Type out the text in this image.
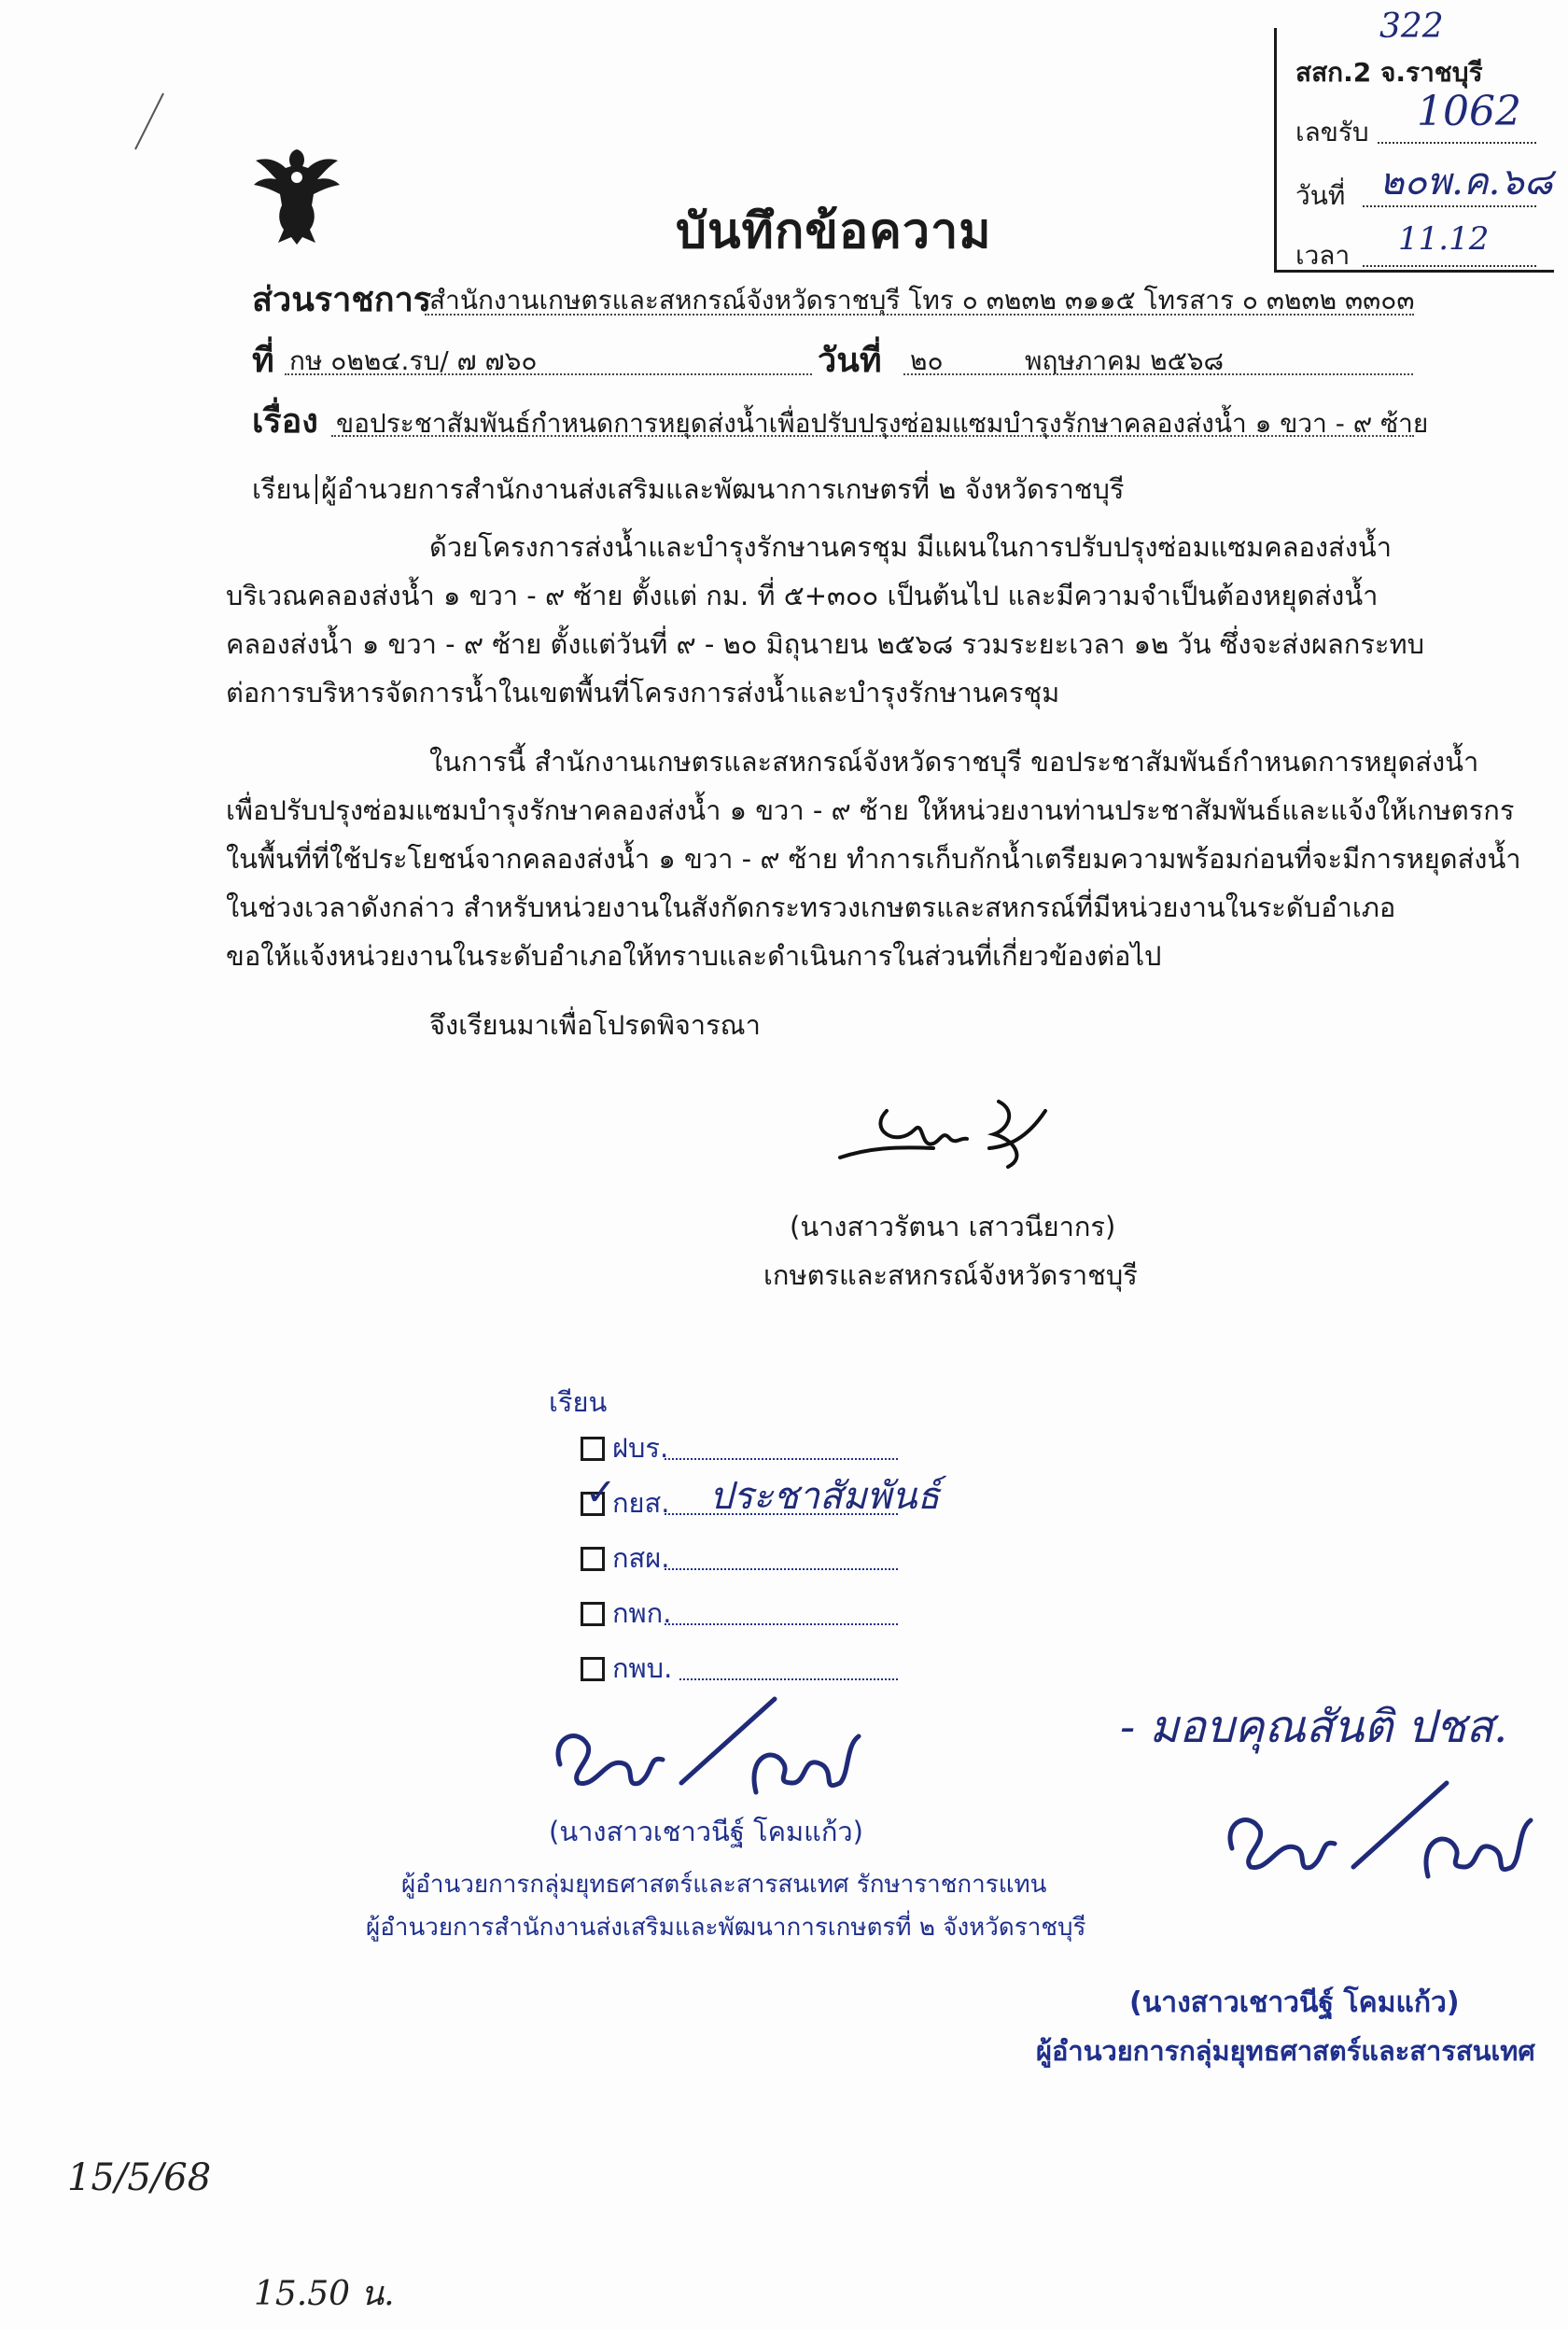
322
สสก.2 จ.ราชบุรี
เลขรับ 1062
วันที่ ๒๐พ.ค.๖๘
เวลา 11.12
บันทึกข้อความ
ส่วนราชการ
สำนักงานเกษตรและสหกรณ์จังหวัดราชบุรี โทร ๐ ๓๒๓๒ ๓๑๑๕ โทรสาร ๐ ๓๒๓๒ ๓๓๐๓
ที่ กษ ๐๒๒๔.รบ/ ๗ ๗๖๐	วันที่ ๒๐	พฤษภาคม ๒๕๖๘
เรื่อง ขอประชาสัมพันธ์กำหนดการหยุดส่งน้ำเพื่อปรับปรุงซ่อมแซมบำรุงรักษาคลองส่งน้ำ ๑ ขวา - ๙ ซ้าย
เรียน ผู้อำนวยการสำนักงานส่งเสริมและพัฒนาการเกษตรที่ ๒ จังหวัดราชบุรี
ด้วยโครงการส่งน้ำและบำรุงรักษานครชุม มีแผนในการปรับปรุงซ่อมแซมคลองส่งน้ำ
บริเวณคลองส่งน้ำ ๑ ขวา - ๙ ซ้าย ตั้งแต่ กม. ที่ ๕+๓๐๐ เป็นต้นไป และมีความจำเป็นต้องหยุดส่งน้ำ
คลองส่งน้ำ ๑ ขวา - ๙ ซ้าย ตั้งแต่วันที่ ๙ - ๒๐ มิถุนายน ๒๕๖๘ รวมระยะเวลา ๑๒ วัน ซึ่งจะส่งผลกระทบ
ต่อการบริหารจัดการน้ำในเขตพื้นที่โครงการส่งน้ำและบำรุงรักษานครชุม
ในการนี้ สำนักงานเกษตรและสหกรณ์จังหวัดราชบุรี ขอประชาสัมพันธ์กำหนดการหยุดส่งน้ำ
เพื่อปรับปรุงซ่อมแซมบำรุงรักษาคลองส่งน้ำ ๑ ขวา - ๙ ซ้าย ให้หน่วยงานท่านประชาสัมพันธ์และแจ้งให้เกษตรกร
ในพื้นที่ที่ใช้ประโยชน์จากคลองส่งน้ำ ๑ ขวา - ๙ ซ้าย ทำการเก็บกักน้ำเตรียมความพร้อมก่อนที่จะมีการหยุดส่งน้ำ
ในช่วงเวลาดังกล่าว สำหรับหน่วยงานในสังกัดกระทรวงเกษตรและสหกรณ์ที่มีหน่วยงานในระดับอำเภอ
ขอให้แจ้งหน่วยงานในระดับอำเภอให้ทราบและดำเนินการในส่วนที่เกี่ยวข้องต่อไป
จึงเรียนมาเพื่อโปรดพิจารณา
(นางสาวรัตนา เสาวนียากร)
เกษตรและสหกรณ์จังหวัดราชบุรี
เรียน
ฝบร.
✓
กยส. ประชาสัมพันธ์
กสผ.
กพก.
กพบ.
(นางสาวเชาวนีฐ์ โคมแก้ว)
ผู้อำนวยการกลุ่มยุทธศาสตร์และสารสนเทศ รักษาราชการแทน
ผู้อำนวยการสำนักงานส่งเสริมและพัฒนาการเกษตรที่ ๒ จังหวัดราชบุรี
- มอบคุณสันติ ปชส.
(นางสาวเชาวนีฐ์ โคมแก้ว)
ผู้อำนวยการกลุ่มยุทธศาสตร์และสารสนเทศ
15/5/68
15.50 น.
